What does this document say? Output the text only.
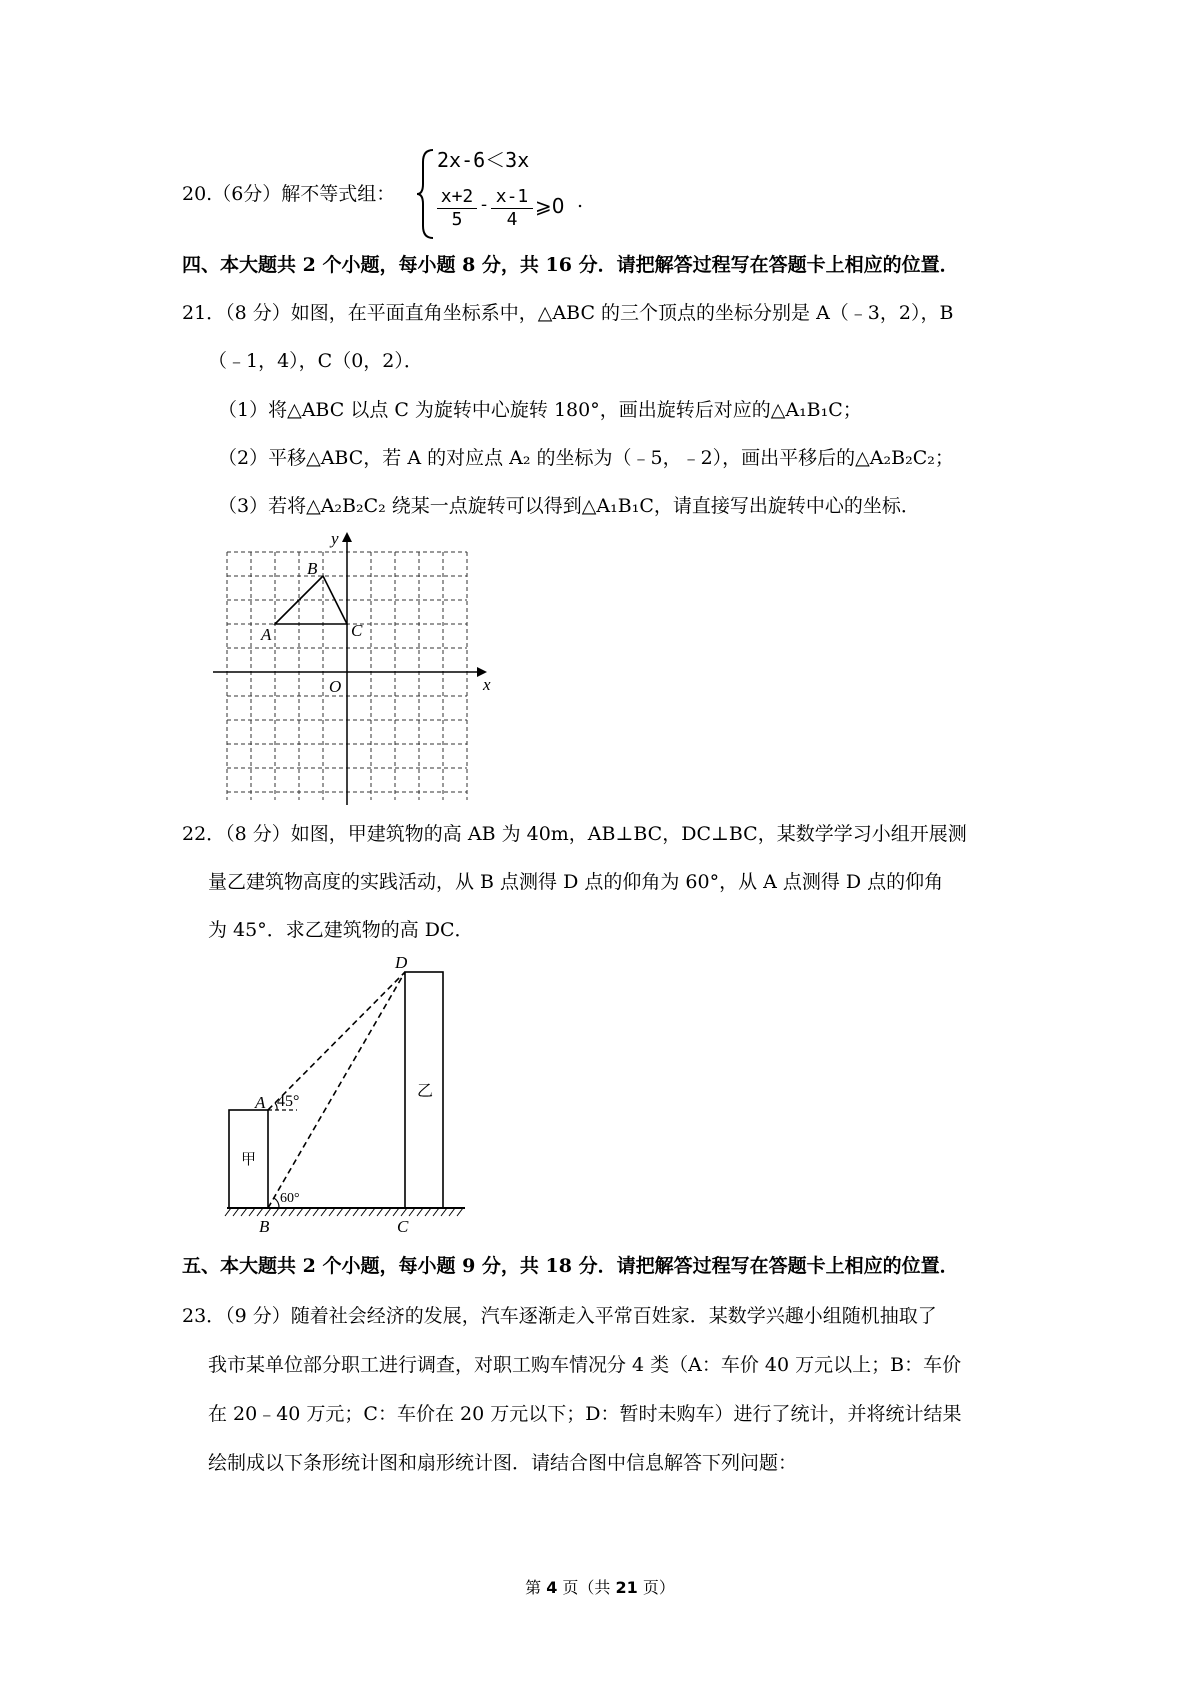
20.（6分）解不等式组：
2x-6＜3x
$\frac{x+2}{5} - \frac{x-1}{4}$ ⩾0 .
四、本大题共 2 个小题，每小题 8 分，共 16 分．请把解答过程写在答题卡上相应的位置．
21．（8 分）如图，在平面直角坐标系中，△ABC 的三个顶点的坐标分别是 A（﹣3，2），B
（﹣1，4），C（0，2）．
（1）将△ABC 以点 C 为旋转中心旋转 180°，画出旋转后对应的△A₁B₁C；
（2）平移△ABC，若 A 的对应点 A₂ 的坐标为（﹣5，﹣2），画出平移后的△A₂B₂C₂；
（3）若将△A₂B₂C₂ 绕某一点旋转可以得到△A₁B₁C，请直接写出旋转中心的坐标．
y
x
O
A
B
C
22．（8 分）如图，甲建筑物的高 AB 为 40m，AB⊥BC，DC⊥BC，某数学学习小组开展测
量乙建筑物高度的实践活动，从 B 点测得 D 点的仰角为 60°，从 A 点测得 D 点的仰角
为 45°．求乙建筑物的高 DC．
45°
60°
甲
乙
D
A
B	C
五、本大题共 2 个小题，每小题 9 分，共 18 分．请把解答过程写在答题卡上相应的位置．
23．（9 分）随着社会经济的发展，汽车逐渐走入平常百姓家．某数学兴趣小组随机抽取了
我市某单位部分职工进行调查，对职工购车情况分 4 类（A：车价 40 万元以上；B：车价
在 20﹣40 万元；C：车价在 20 万元以下；D：暂时未购车）进行了统计，并将统计结果
绘制成以下条形统计图和扇形统计图．请结合图中信息解答下列问题：
第 4 页（共 21 页）
